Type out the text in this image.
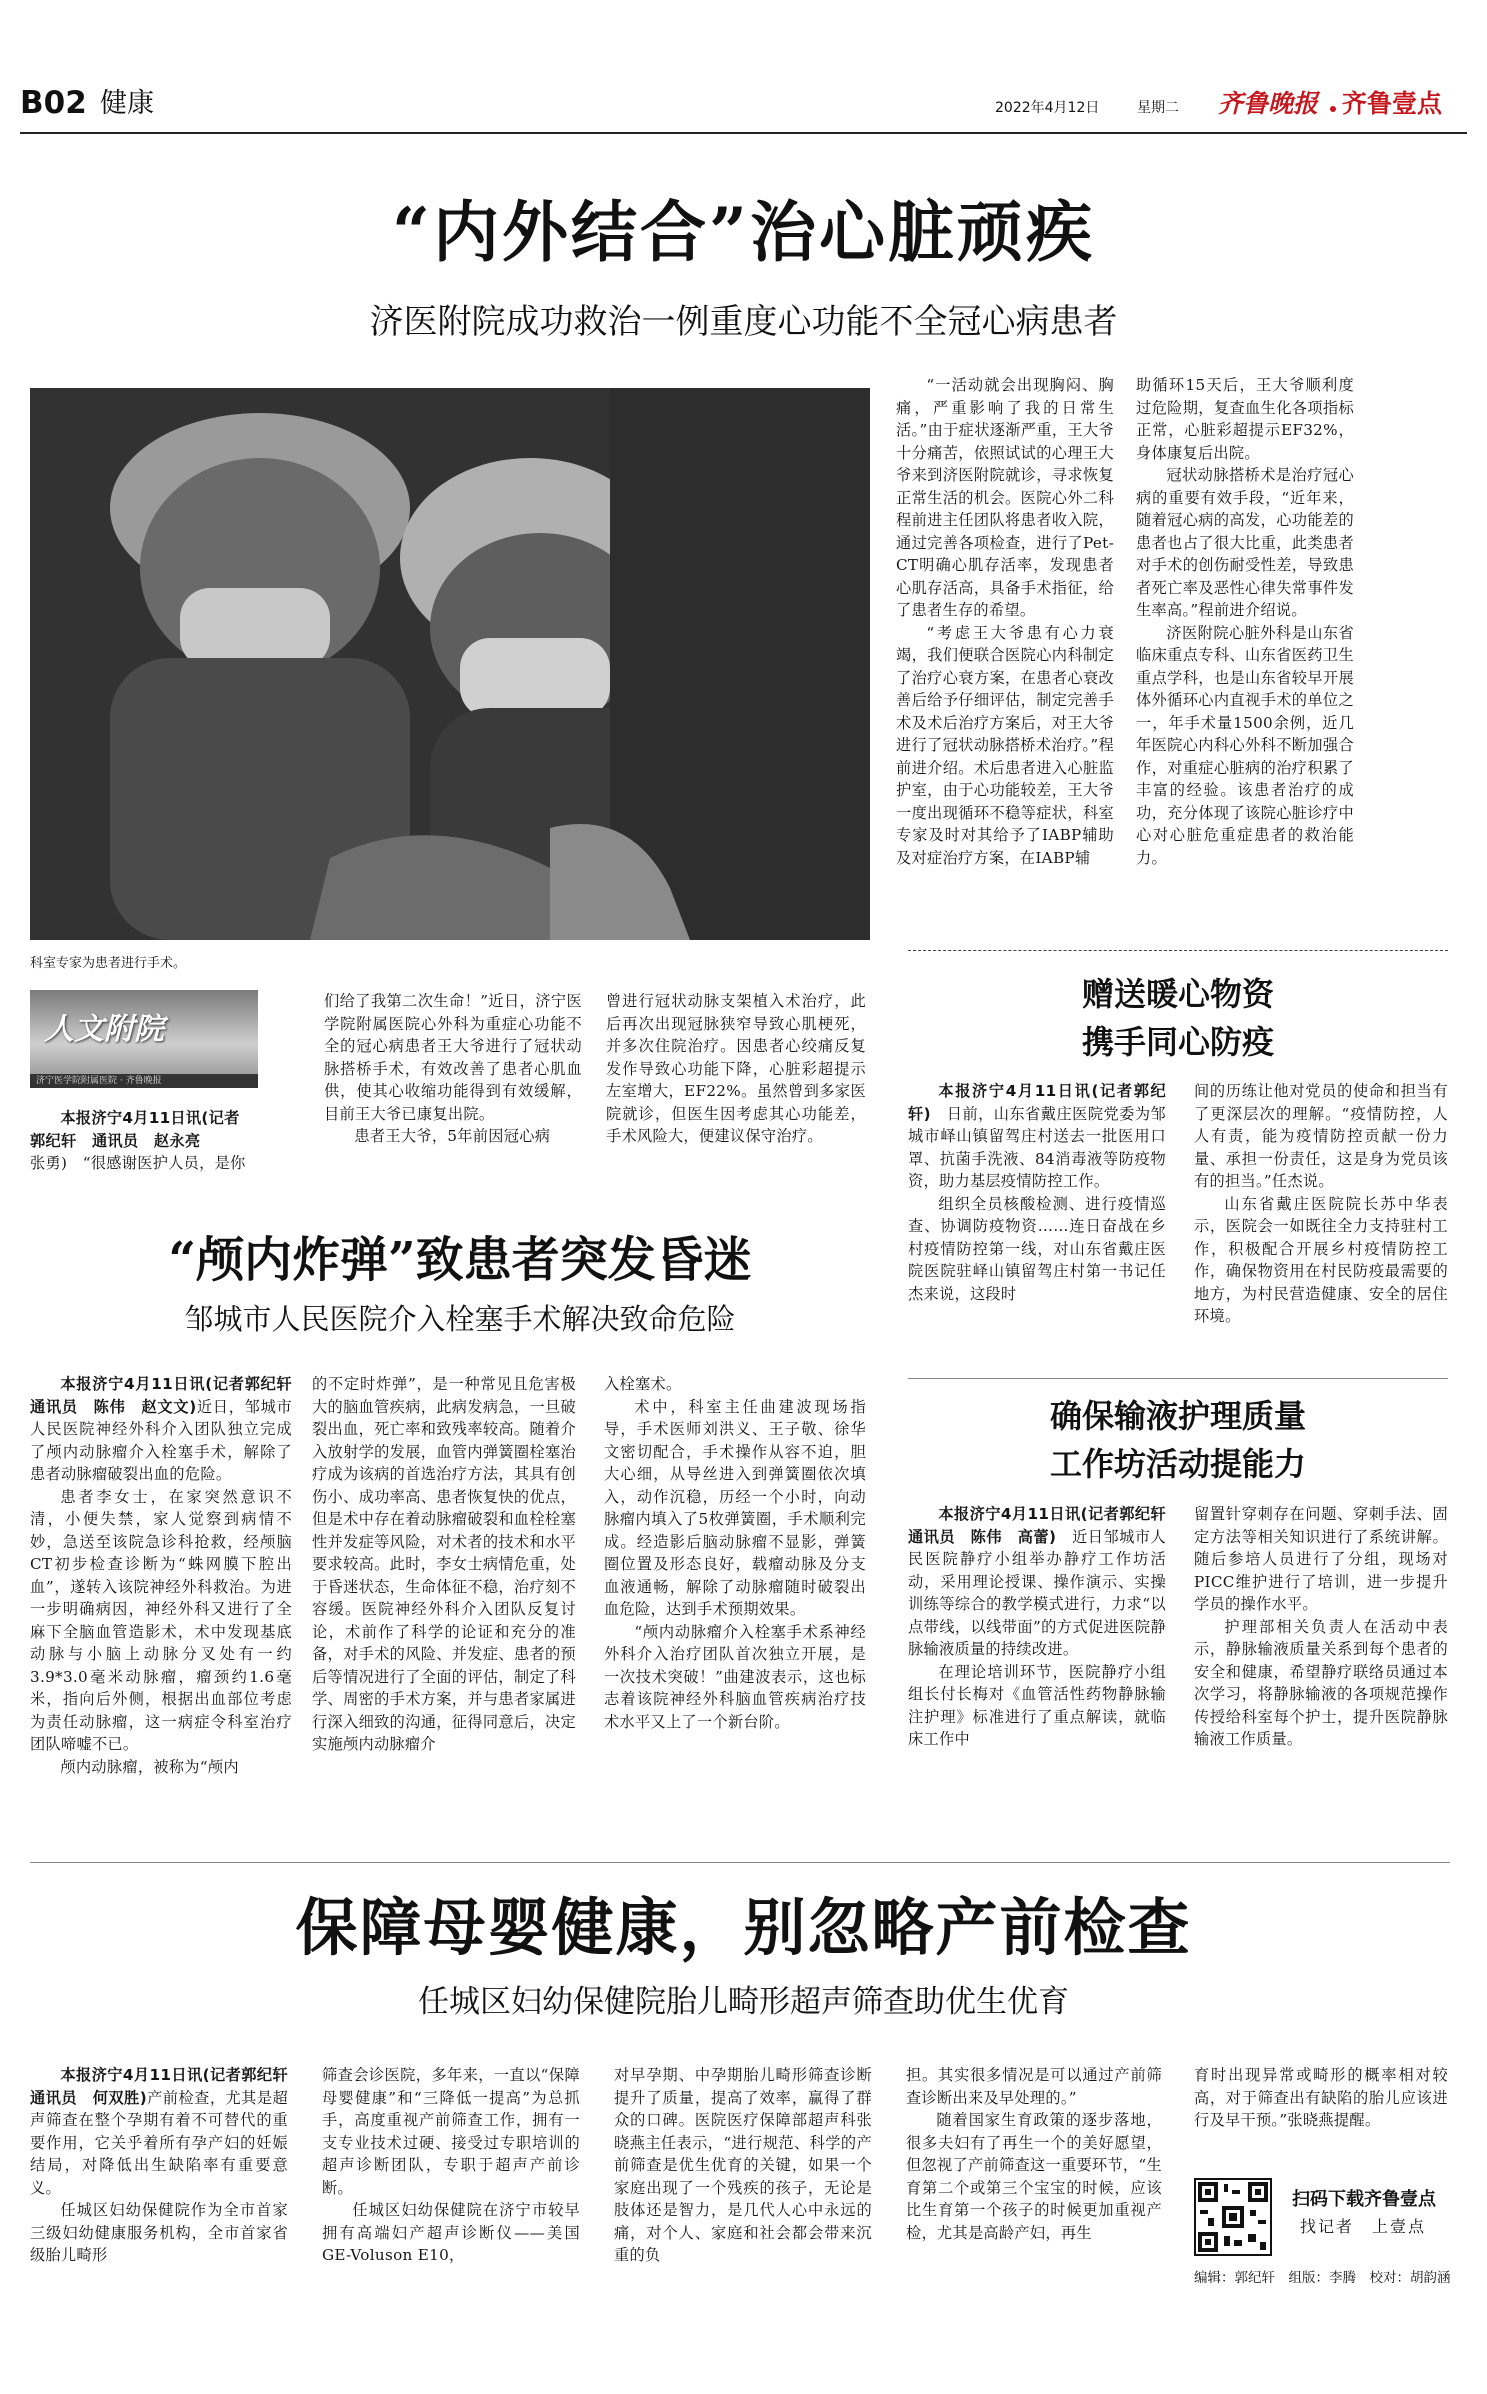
B02 健康	2022年4月12日	星期二 齐鲁晚报 齐鲁壹点
“内外结合”治心脏顽疾
济医附院成功救治一例重度心功能不全冠心病患者
科室专家为患者进行手术。

“一活动就会出现胸闷、胸痛，严重影响了我的日常生活。”由于症状逐渐严重，王大爷十分痛苦，依照试试的心理王大爷来到济医附院就诊，寻求恢复正常生活的机会。医院心外二科程前进主任团队将患者收入院，通过完善各项检查，进行了Pet-CT明确心肌存活率，发现患者心肌存活高，具备手术指征，给了患者生存的希望。

“考虑王大爷患有心力衰竭，我们便联合医院心内科制定了治疗心衰方案，在患者心衰改善后给予仔细评估，制定完善手术及术后治疗方案后，对王大爷进行了冠状动脉搭桥术治疗。”程前进介绍。术后患者进入心脏监护室，由于心功能较差，王大爷一度出现循环不稳等症状，科室专家及时对其给予了IABP辅助及对症治疗方案，在IABP辅

助循环15天后，王大爷顺利度过危险期，复查血生化各项指标正常，心脏彩超提示EF32%，身体康复后出院。

冠状动脉搭桥术是治疗冠心病的重要有效手段，“近年来，随着冠心病的高发，心功能差的患者也占了很大比重，此类患者对手术的创伤耐受性差，导致患者死亡率及恶性心律失常事件发生率高。”程前进介绍说。

济医附院心脏外科是山东省临床重点专科、山东省医药卫生重点学科，也是山东省较早开展体外循环心内直视手术的单位之一，年手术量1500余例，近几年医院心内科心外科不断加强合作，对重症心脏病的治疗积累了丰富的经验。该患者治疗的成功，充分体现了该院心脏诊疗中心对心脏危重症患者的救治能力。

人文附院
济宁医学院附属医院 · 齐鲁晚报

本报济宁4月11日讯(记者
郭纪轩　通讯员　赵永亮

张勇)　“很感谢医护人员，是你

们给了我第二次生命！”近日，济宁医学院附属医院心外科为重症心功能不全的冠心病患者王大爷进行了冠状动脉搭桥手术，有效改善了患者心肌血供，使其心收缩功能得到有效缓解，目前王大爷已康复出院。

患者王大爷，5年前因冠心病

曾进行冠状动脉支架植入术治疗，此后再次出现冠脉狭窄导致心肌梗死，并多次住院治疗。因患者心绞痛反复发作导致心功能下降，心脏彩超提示左室增大，EF22%。虽然曾到多家医院就诊，但医生因考虑其心功能差，手术风险大，便建议保守治疗。

“颅内炸弹”致患者突发昏迷
邹城市人民医院介入栓塞手术解决致命危险

本报济宁4月11日讯(记者郭纪轩　通讯员　陈伟　赵文文)近日，邹城市人民医院神经外科介入团队独立完成了颅内动脉瘤介入栓塞手术，解除了患者动脉瘤破裂出血的危险。

患者李女士，在家突然意识不清，小便失禁，家人觉察到病情不妙，急送至该院急诊科抢救，经颅脑CT初步检查诊断为“蛛网膜下腔出血”，遂转入该院神经外科救治。为进一步明确病因，神经外科又进行了全麻下全脑血管造影术，术中发现基底动脉与小脑上动脉分叉处有一约3.9*3.0毫米动脉瘤，瘤颈约1.6毫米，指向后外侧，根据出血部位考虑为责任动脉瘤，这一病症令科室治疗团队啼嘘不已。

颅内动脉瘤，被称为“颅内

的不定时炸弹”，是一种常见且危害极大的脑血管疾病，此病发病急，一旦破裂出血，死亡率和致残率较高。随着介入放射学的发展，血管内弹簧圈栓塞治疗成为该病的首选治疗方法，其具有创伤小、成功率高、患者恢复快的优点，但是术中存在着动脉瘤破裂和血栓栓塞性并发症等风险，对术者的技术和水平要求较高。此时，李女士病情危重，处于昏迷状态，生命体征不稳，治疗刻不容缓。医院神经外科介入团队反复讨论，术前作了科学的论证和充分的准备，对手术的风险、并发症、患者的预后等情况进行了全面的评估，制定了科学、周密的手术方案，并与患者家属进行深入细致的沟通，征得同意后，决定实施颅内动脉瘤介

入栓塞术。

术中，科室主任曲建波现场指导，手术医师刘洪义、王子敬、徐华文密切配合，手术操作从容不迫，胆大心细，从导丝进入到弹簧圈依次填入，动作沉稳，历经一个小时，向动脉瘤内填入了5枚弹簧圈，手术顺利完成。经造影后脑动脉瘤不显影，弹簧圈位置及形态良好，载瘤动脉及分支血液通畅，解除了动脉瘤随时破裂出血危险，达到手术预期效果。

“颅内动脉瘤介入栓塞手术系神经外科介入治疗团队首次独立开展，是一次技术突破！”曲建波表示，这也标志着该院神经外科脑血管疾病治疗技术水平又上了一个新台阶。

赠送暖心物资
携手同心防疫

本报济宁4月11日讯(记者郭纪轩)　 日前，山东省戴庄医院党委为邹城市峄山镇留驾庄村送去一批医用口罩、抗菌手洗液、84消毒液等防疫物资，助力基层疫情防控工作。

组织全员核酸检测、进行疫情巡查、协调防疫物资……连日奋战在乡村疫情防控第一线，对山东省戴庄医院医院驻峄山镇留驾庄村第一书记任杰来说，这段时

间的历练让他对党员的使命和担当有了更深层次的理解。“疫情防控，人人有责，能为疫情防控贡献一份力量、承担一份责任，这是身为党员该有的担当。”任杰说。

山东省戴庄医院院长苏中华表示，医院会一如既往全力支持驻村工作，积极配合开展乡村疫情防控工作，确保物资用在村民防疫最需要的地方，为村民营造健康、安全的居住环境。

确保输液护理质量
工作坊活动提能力

本报济宁4月11日讯(记者郭纪轩　通讯员　陈伟　高蕾)　 近日邹城市人民医院静疗小组举办静疗工作坊活动，采用理论授课、操作演示、实操训练等综合的教学模式进行，力求“以点带线，以线带面”的方式促进医院静脉输液质量的持续改进。

在理论培训环节，医院静疗小组组长付长梅对《血管活性药物静脉输注护理》标准进行了重点解读，就临床工作中

留置针穿刺存在问题、穿刺手法、固定方法等相关知识进行了系统讲解。随后参培人员进行了分组，现场对PICC维护进行了培训，进一步提升学员的操作水平。

护理部相关负责人在活动中表示，静脉输液质量关系到每个患者的安全和健康，希望静疗联络员通过本次学习，将静脉输液的各项规范操作传授给科室每个护士，提升医院静脉输液工作质量。

保障母婴健康，别忽略产前检查
任城区妇幼保健院胎儿畸形超声筛查助优生优育

本报济宁4月11日讯(记者郭纪轩　通讯员　何双胜)产前检查，尤其是超声筛查在整个孕期有着不可替代的重要作用，它关乎着所有孕产妇的妊娠结局，对降低出生缺陷率有重要意义。

任城区妇幼保健院作为全市首家三级妇幼健康服务机构，全市首家省级胎儿畸形

筛查会诊医院，多年来，一直以“保障母婴健康”和“三降低一提高”为总抓手，高度重视产前筛查工作，拥有一支专业技术过硬、接受过专职培训的超声诊断团队，专职于超声产前诊断。

任城区妇幼保健院在济宁市较早拥有高端妇产超声诊断仪——美国GE-Voluson E10，

对早孕期、中孕期胎儿畸形筛查诊断提升了质量，提高了效率，赢得了群众的口碑。医院医疗保障部超声科张晓燕主任表示，“进行规范、科学的产前筛查是优生优育的关键，如果一个家庭出现了一个残疾的孩子，无论是肢体还是智力，是几代人心中永远的痛，对个人、家庭和社会都会带来沉重的负

担。其实很多情况是可以通过产前筛查诊断出来及早处理的。”

随着国家生育政策的逐步落地，很多夫妇有了再生一个的美好愿望，但忽视了产前筛查这一重要环节，“生育第二个或第三个宝宝的时候，应该比生育第一个孩子的时候更加重视产检，尤其是高龄产妇，再生

育时出现异常或畸形的概率相对较高，对于筛查出有缺陷的胎儿应该进行及早干预。”张晓燕提醒。

扫码下载齐鲁壹点
找记者　上壹点
编辑：郭纪轩　组版：李腾　校对：胡韵涵
